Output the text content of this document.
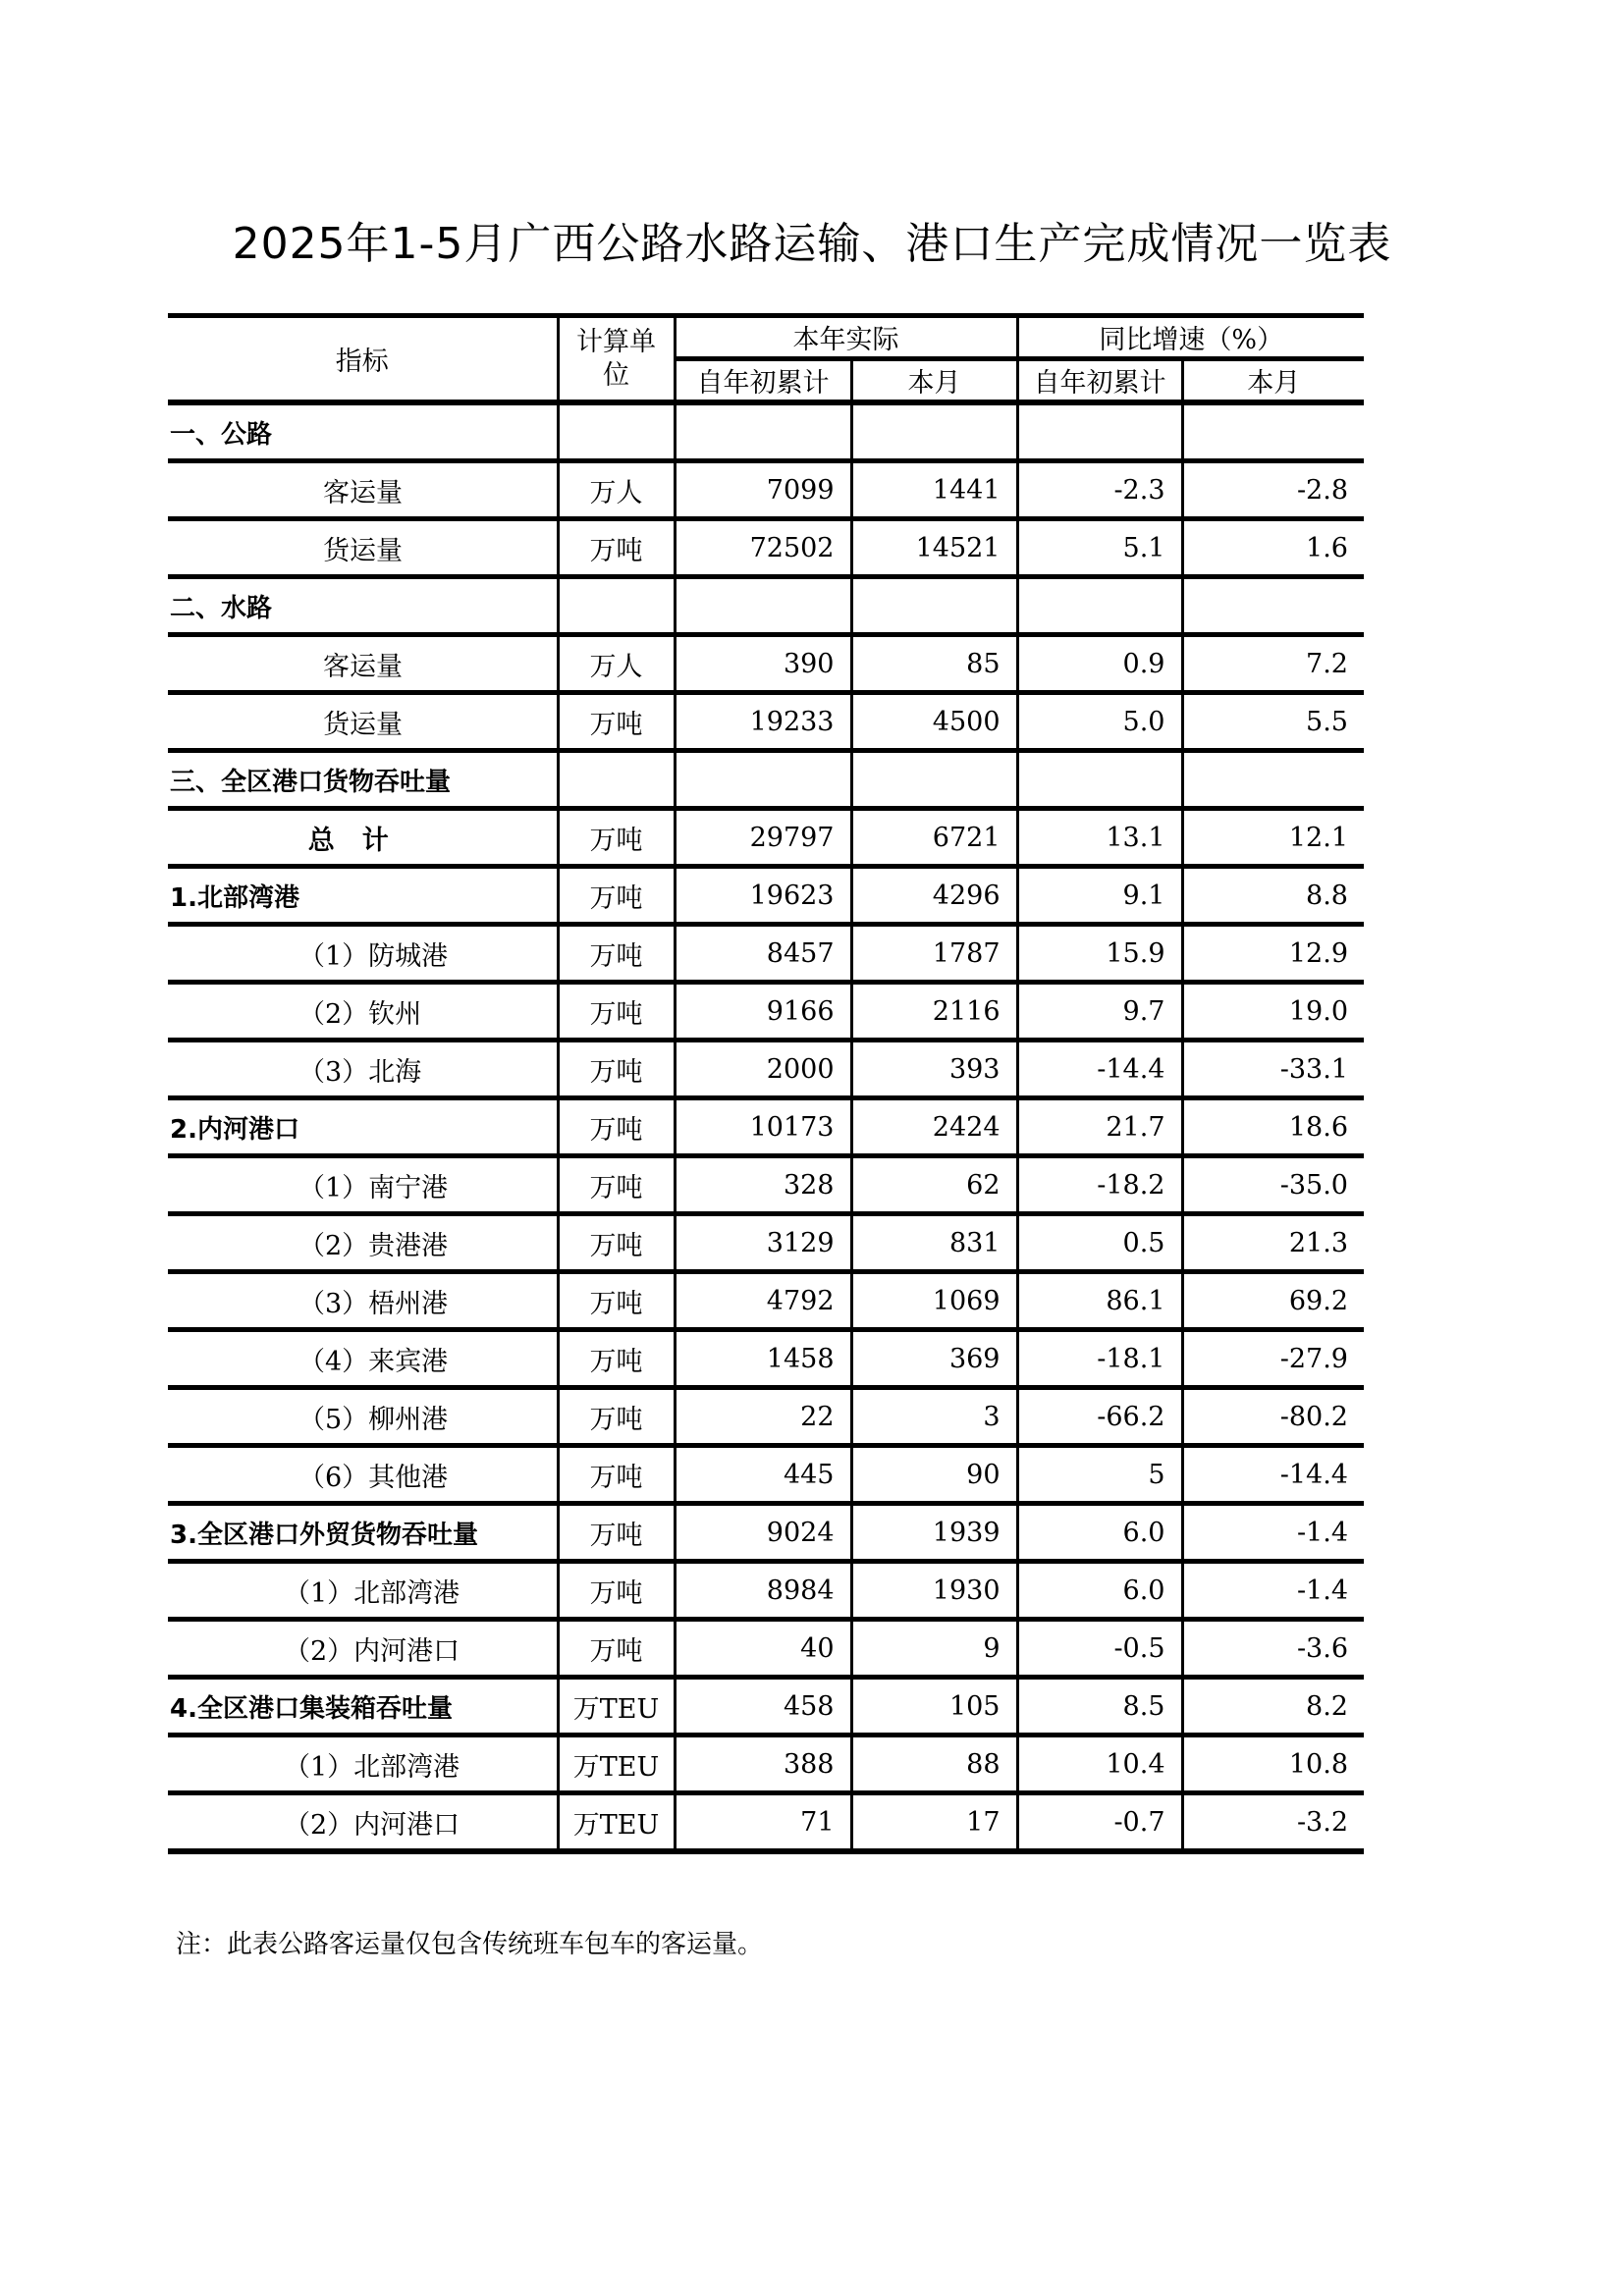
2025年1-5月广西公路水路运输、港口生产完成情况一览表
指标	计算单位	本年实际		同比增速（%）	
		自年初累计	本月	自年初累计	本月
一、公路					
客运量	万人	7099	1441	-2.3	-2.8
货运量	万吨	72502	14521	5.1	1.6
二、水路					
客运量	万人	390	85	0.9	7.2
货运量	万吨	19233	4500	5.0	5.5
三、全区港口货物吞吐量					
总计	万吨	29797	6721	13.1	12.1
1.北部湾港	万吨	19623	4296	9.1	8.8
（1）防城港	万吨	8457	1787	15.9	12.9
（2）钦州	万吨	9166	2116	9.7	19.0
（3）北海	万吨	2000	393	-14.4	-33.1
2.内河港口	万吨	10173	2424	21.7	18.6
（1）南宁港	万吨	328	62	-18.2	-35.0
（2）贵港港	万吨	3129	831	0.5	21.3
（3）梧州港	万吨	4792	1069	86.1	69.2
（4）来宾港	万吨	1458	369	-18.1	-27.9
（5）柳州港	万吨	22	3	-66.2	-80.2
（6）其他港	万吨	445	90	5	-14.4
3.全区港口外贸货物吞吐量	万吨	9024	1939	6.0	-1.4
（1）北部湾港	万吨	8984	1930	6.0	-1.4
（2）内河港口	万吨	40	9	-0.5	-3.6
4.全区港口集装箱吞吐量	万TEU	458	105	8.5	8.2
（1）北部湾港	万TEU	388	88	10.4	10.8
（2）内河港口	万TEU	71	17	-0.7	-3.2
注：此表公路客运量仅包含传统班车包车的客运量。
